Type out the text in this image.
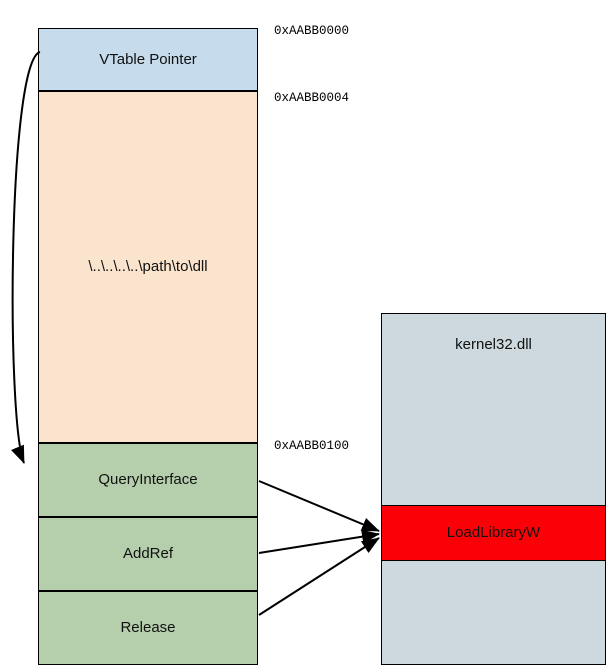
VTable Pointer
\..\..\..\..\path\to\dll
QueryInterface
AddRef
Release
0xAABB0000
0xAABB0004
0xAABB0100
kernel32.dll
LoadLibraryW
